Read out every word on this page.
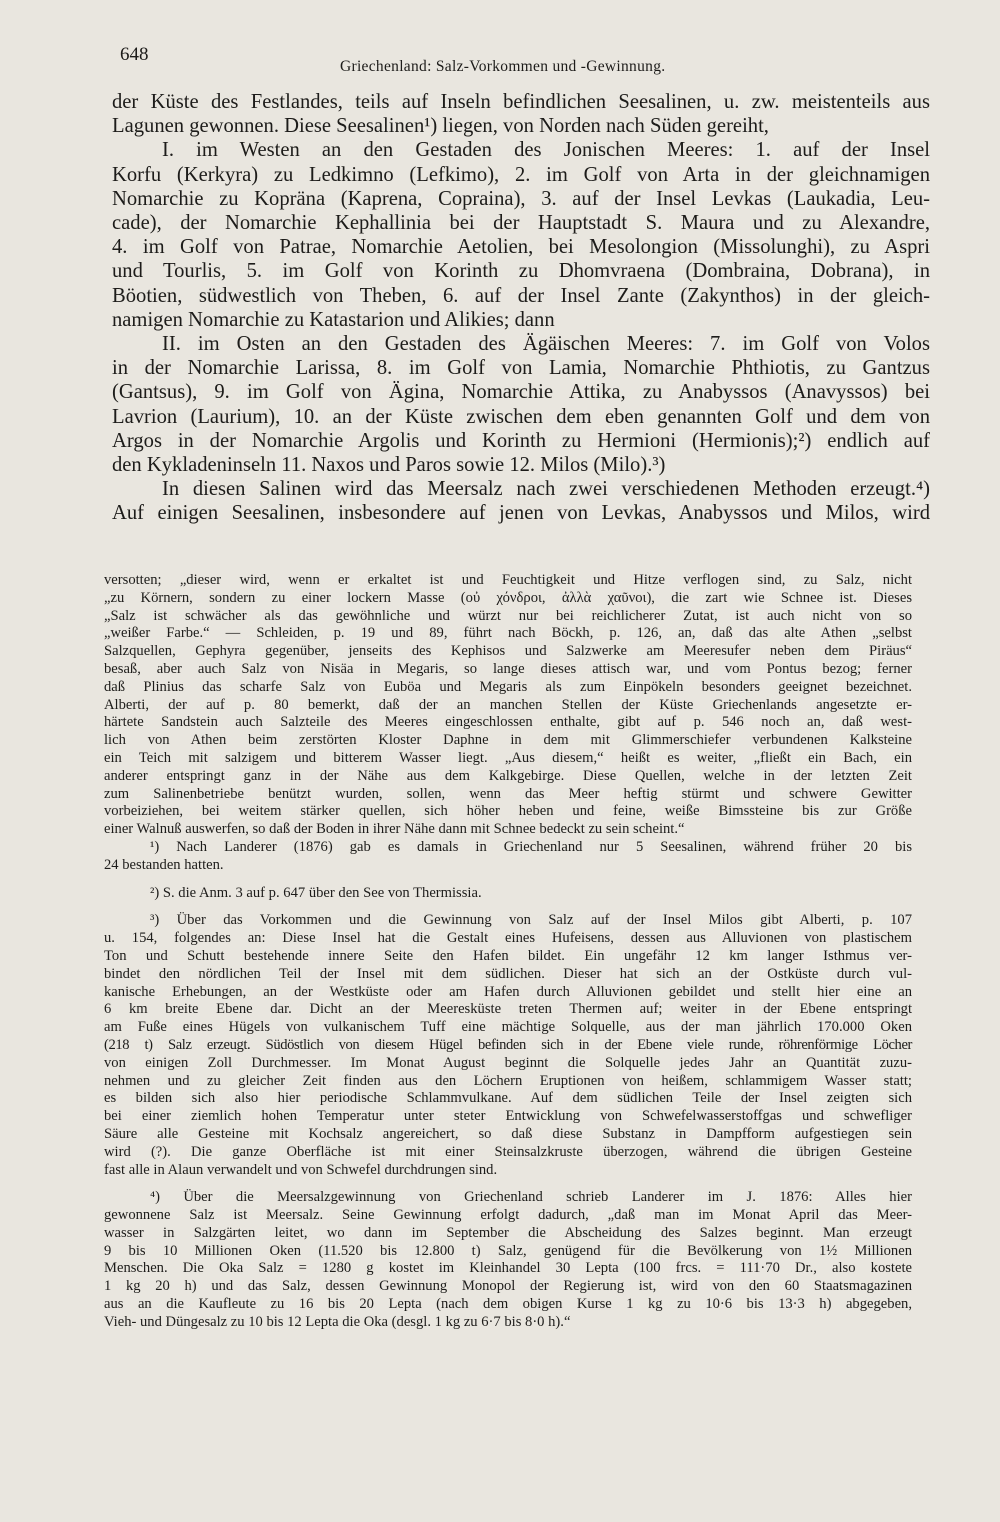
648
Griechenland: Salz-Vorkommen und -Gewinnung.

der Küste des Festlandes, teils auf Inseln befindlichen Seesalinen, u. zw. meistenteils aus

Lagunen gewonnen. Diese Seesalinen¹) liegen, von Norden nach Süden gereiht,

I. im Westen an den Gestaden des Jonischen Meeres: 1. auf der Insel

Korfu (Kerkyra) zu Ledkimno (Lefkimo), 2. im Golf von Arta in der gleichnamigen

Nomarchie zu Kopräna (Kaprena, Copraina), 3. auf der Insel Levkas (Laukadia, Leu-

cade), der Nomarchie Kephallinia bei der Hauptstadt S. Maura und zu Alexandre,

4. im Golf von Patrae, Nomarchie Aetolien, bei Mesolongion (Missolunghi), zu Aspri

und Tourlis, 5. im Golf von Korinth zu Dhomvraena (Dombraina, Dobrana), in

Böotien, südwestlich von Theben, 6. auf der Insel Zante (Zakynthos) in der gleich-

namigen Nomarchie zu Katastarion und Alikies; dann

II. im Osten an den Gestaden des Ägäischen Meeres: 7. im Golf von Volos

in der Nomarchie Larissa, 8. im Golf von Lamia, Nomarchie Phthiotis, zu Gantzus

(Gantsus), 9. im Golf von Ägina, Nomarchie Attika, zu Anabyssos (Anavyssos) bei

Lavrion (Laurium), 10. an der Küste zwischen dem eben genannten Golf und dem von

Argos in der Nomarchie Argolis und Korinth zu Hermioni (Hermionis);²) endlich auf

den Kykladeninseln 11. Naxos und Paros sowie 12. Milos (Milo).³)

In diesen Salinen wird das Meersalz nach zwei verschiedenen Methoden erzeugt.⁴)

Auf einigen Seesalinen, insbesondere auf jenen von Levkas, Anabyssos und Milos, wird

versotten; „dieser wird, wenn er erkaltet ist und Feuchtigkeit und Hitze verflogen sind, zu Salz, nicht

„zu Körnern, sondern zu einer lockern Masse (οὐ χόνδροι, ἀλλὰ χαῦνοι), die zart wie Schnee ist. Dieses

„Salz ist schwächer als das gewöhnliche und würzt nur bei reichlicherer Zutat, ist auch nicht von so

„weißer Farbe.“ — Schleiden, p. 19 und 89, führt nach Böckh, p. 126, an, daß das alte Athen „selbst

Salzquellen, Gephyra gegenüber, jenseits des Kephisos und Salzwerke am Meeresufer neben dem Piräus“

besaß, aber auch Salz von Nisäa in Megaris, so lange dieses attisch war, und vom Pontus bezog; ferner

daß Plinius das scharfe Salz von Euböa und Megaris als zum Einpökeln besonders geeignet bezeichnet.

Alberti, der auf p. 80 bemerkt, daß der an manchen Stellen der Küste Griechenlands angesetzte er-

härtete Sandstein auch Salzteile des Meeres eingeschlossen enthalte, gibt auf p. 546 noch an, daß west-

lich von Athen beim zerstörten Kloster Daphne in dem mit Glimmerschiefer verbundenen Kalksteine

ein Teich mit salzigem und bitterem Wasser liegt. „Aus diesem,“ heißt es weiter, „fließt ein Bach, ein

anderer entspringt ganz in der Nähe aus dem Kalkgebirge. Diese Quellen, welche in der letzten Zeit

zum Salinenbetriebe benützt wurden, sollen, wenn das Meer heftig stürmt und schwere Gewitter

vorbeiziehen, bei weitem stärker quellen, sich höher heben und feine, weiße Bimssteine bis zur Größe

einer Walnuß auswerfen, so daß der Boden in ihrer Nähe dann mit Schnee bedeckt zu sein scheint.“

¹) Nach Landerer (1876) gab es damals in Griechenland nur 5 Seesalinen, während früher 20 bis

24 bestanden hatten.

²) S. die Anm. 3 auf p. 647 über den See von Thermissia.

³) Über das Vorkommen und die Gewinnung von Salz auf der Insel Milos gibt Alberti, p. 107

u. 154, folgendes an: Diese Insel hat die Gestalt eines Hufeisens, dessen aus Alluvionen von plastischem

Ton und Schutt bestehende innere Seite den Hafen bildet. Ein ungefähr 12 km langer Isthmus ver-

bindet den nördlichen Teil der Insel mit dem südlichen. Dieser hat sich an der Ostküste durch vul-

kanische Erhebungen, an der Westküste oder am Hafen durch Alluvionen gebildet und stellt hier eine an

6 km breite Ebene dar. Dicht an der Meeresküste treten Thermen auf; weiter in der Ebene entspringt

am Fuße eines Hügels von vulkanischem Tuff eine mächtige Solquelle, aus der man jährlich 170.000 Oken

(218 t) Salz erzeugt. Südöstlich von diesem Hügel befinden sich in der Ebene viele runde, röhrenförmige Löcher

von einigen Zoll Durchmesser. Im Monat August beginnt die Solquelle jedes Jahr an Quantität zuzu-

nehmen und zu gleicher Zeit finden aus den Löchern Eruptionen von heißem, schlammigem Wasser statt;

es bilden sich also hier periodische Schlammvulkane. Auf dem südlichen Teile der Insel zeigten sich

bei einer ziemlich hohen Temperatur unter steter Entwicklung von Schwefelwasserstoffgas und schwefliger

Säure alle Gesteine mit Kochsalz angereichert, so daß diese Substanz in Dampfform aufgestiegen sein

wird (?). Die ganze Oberfläche ist mit einer Steinsalzkruste überzogen, während die übrigen Gesteine

fast alle in Alaun verwandelt und von Schwefel durchdrungen sind.

⁴) Über die Meersalzgewinnung von Griechenland schrieb Landerer im J. 1876: Alles hier

gewonnene Salz ist Meersalz. Seine Gewinnung erfolgt dadurch, „daß man im Monat April das Meer-

wasser in Salzgärten leitet, wo dann im September die Abscheidung des Salzes beginnt. Man erzeugt

9 bis 10 Millionen Oken (11.520 bis 12.800 t) Salz, genügend für die Bevölkerung von 1½ Millionen

Menschen. Die Oka Salz = 1280 g kostet im Kleinhandel 30 Lepta (100 frcs. = 111·70 Dr., also kostete

1 kg 20 h) und das Salz, dessen Gewinnung Monopol der Regierung ist, wird von den 60 Staatsmagazinen

aus an die Kaufleute zu 16 bis 20 Lepta (nach dem obigen Kurse 1 kg zu 10·6 bis 13·3 h) abgegeben,

Vieh- und Düngesalz zu 10 bis 12 Lepta die Oka (desgl. 1 kg zu 6·7 bis 8·0 h).“
